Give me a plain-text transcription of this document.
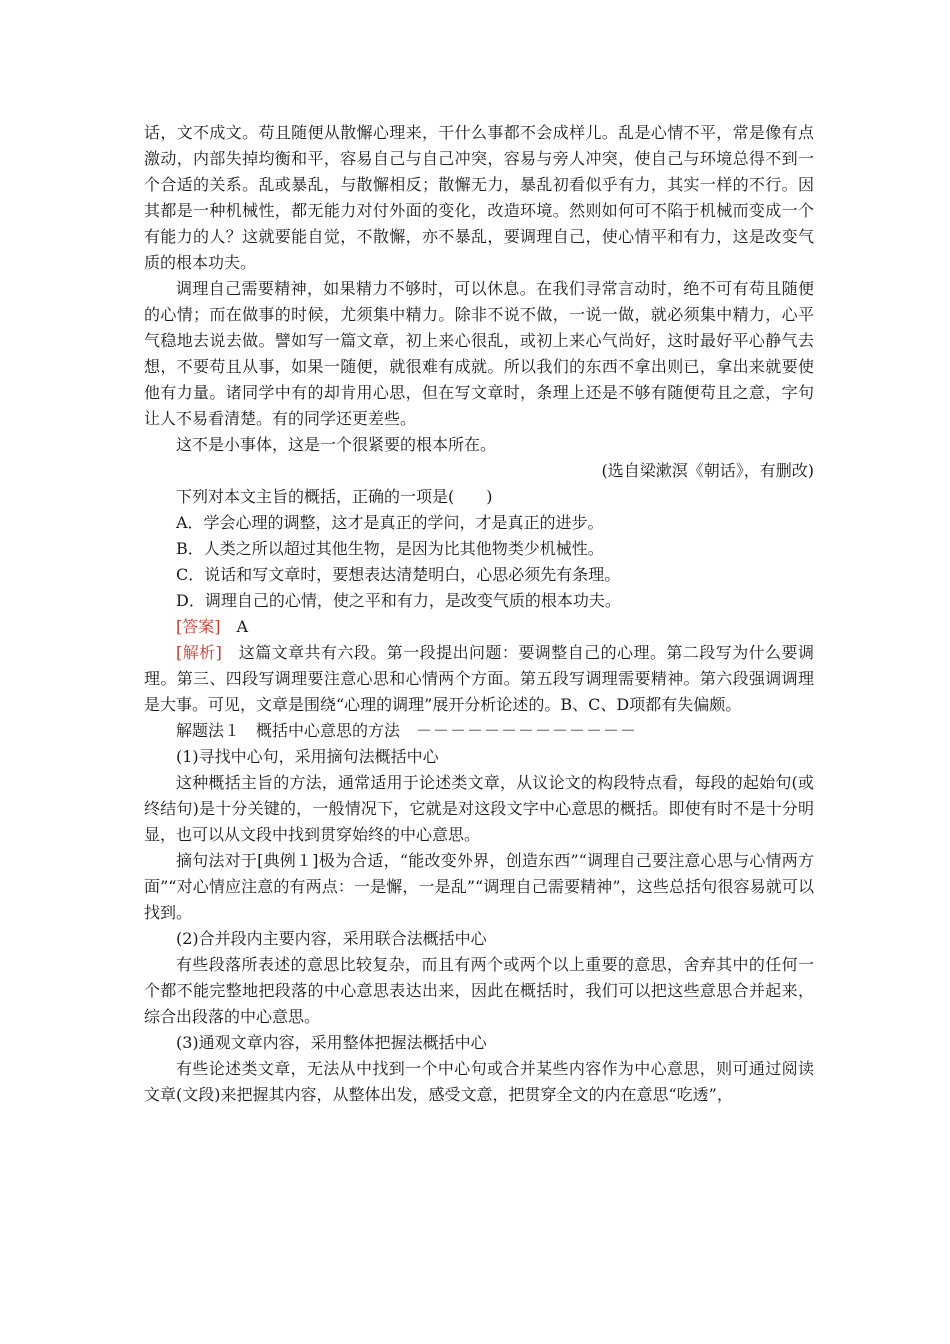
话，文不成文。苟且随便从散懈心理来，干什么事都不会成样儿。乱是心情不平，常是像有点激动，内部失掉均衡和平，容易自己与自己冲突，容易与旁人冲突，使自己与环境总得不到一个合适的关系。乱或暴乱，与散懈相反；散懈无力，暴乱初看似乎有力，其实一样的不行。因其都是一种机械性，都无能力对付外面的变化，改造环境。然则如何可不陷于机械而变成一个有能力的人？这就要能自觉，不散懈，亦不暴乱，要调理自己，使心情平和有力，这是改变气质的根本功夫。

调理自己需要精神，如果精力不够时，可以休息。在我们寻常言动时，绝不可有苟且随便的心情；而在做事的时候，尤须集中精力。除非不说不做，一说一做，就必须集中精力，心平气稳地去说去做。譬如写一篇文章，初上来心很乱，或初上来心气尚好，这时最好平心静气去想，不要苟且从事，如果一随便，就很难有成就。所以我们的东西不拿出则已，拿出来就要使他有力量。诸同学中有的却肯用心思，但在写文章时，条理上还是不够有随便苟且之意，字句让人不易看清楚。有的同学还更差些。

这不是小事体，这是一个很紧要的根本所在。

(选自梁漱溟《朝话》，有删改)

下列对本文主旨的概括，正确的一项是(　　)

A．学会心理的调整，这才是真正的学问，才是真正的进步。

B．人类之所以超过其他生物，是因为比其他物类少机械性。

C．说话和写文章时，要想表达清楚明白，心思必须先有条理。

D．调理自己的心情，使之平和有力，是改变气质的根本功夫。

[答案]　A

[解析]　这篇文章共有六段。第一段提出问题：要调整自己的心理。第二段写为什么要调理。第三、四段写调理要注意心思和心情两个方面。第五段写调理需要精神。第六段强调调理是大事。可见，文章是围绕“心理的调理”展开分析论述的。B、C、D项都有失偏颇。

解题法１　概括中心意思的方法　－－－－－－－－－－－－－

(1)寻找中心句，采用摘句法概括中心

这种概括主旨的方法，通常适用于论述类文章，从议论文的构段特点看，每段的起始句(或终结句)是十分关键的，一般情况下，它就是对这段文字中心意思的概括。即使有时不是十分明显，也可以从文段中找到贯穿始终的中心意思。

摘句法对于[典例１]极为合适，“能改变外界，创造东西”“调理自己要注意心思与心情两方面”“对心情应注意的有两点：一是懈，一是乱”“调理自己需要精神”，这些总括句很容易就可以找到。

(2)合并段内主要内容，采用联合法概括中心

有些段落所表述的意思比较复杂，而且有两个或两个以上重要的意思，舍弃其中的任何一个都不能完整地把段落的中心意思表达出来，因此在概括时，我们可以把这些意思合并起来，综合出段落的中心意思。

(3)通观文章内容，采用整体把握法概括中心

有些论述类文章，无法从中找到一个中心句或合并某些内容作为中心意思，则可通过阅读文章(文段)来把握其内容，从整体出发，感受文意，把贯穿全文的内在意思“吃透”，
